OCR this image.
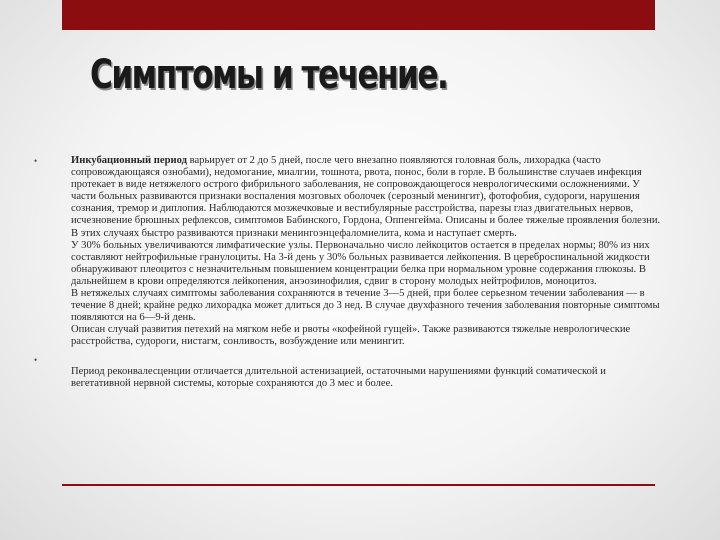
Симптомы и течение.
•	Инкубационный период варьирует от 2 до 5 дней, после чего внезапно появляются головная боль, лихорадка (часто сопровождающаяся ознобами), недомогание, миалгии, тошнота, рвота, понос, боли в горле. В большинстве случаев инфекция протекает в виде нетяжелого острого фибрильного заболевания, не сопровождающегося неврологическими осложнениями. У части больных развиваются признаки воспаления мозговых оболочек (серозный менингит), фотофобия, судороги, нарушения сознания, тремор и диплопия. Наблюдаются мозжечковые и вестибулярные расстройства, парезы глаз двигательных нервов, исчезновение брюшных рефлексов, симптомов Бабинского, Гордона, Оппенгейма. Описаны и более тяжелые проявления болезни. В этих случаях быстро развиваются признаки менингоэнцефаломиелита, кома и наступает смерть.
У 30% больных увеличиваются лимфатические узлы. Первоначально число лейкоцитов остается в пределах нормы; 80% из них составляют нейтрофильные гранулоциты. На 3-й день у 30% больных развивается лейкопения. В цереброспинальной жидкости обнаруживают плеоцитоз с незначительным повышением концентрации белка при нормальном уровне содержания глюкозы. В дальнейшем в крови определяются лейкопения, анэозинофилия, сдвиг в сторону молодых нейтрофилов, моноцитоз.
В нетяжелых случаях симптомы заболевания сохраняются в течение 3—5 дней, при более серьезном течении заболевания — в течение 8 дней; крайне редко лихорадка может длиться до 3 нед. В случае двухфазного течения заболевания повторные симптомы появляются на 6—9-й день.
Описан случай развития петехий на мягком небе и рвоты «кофейной гущей». Также развиваются тяжелые неврологические расстройства, судороги, нистагм, сонливость, возбуждение или менингит.

•

Период реконвалесценции отличается длительной астенизацией, остаточными нарушениями функций соматической и вегетативной нервной системы, которые сохраняются до 3 мес и более.
